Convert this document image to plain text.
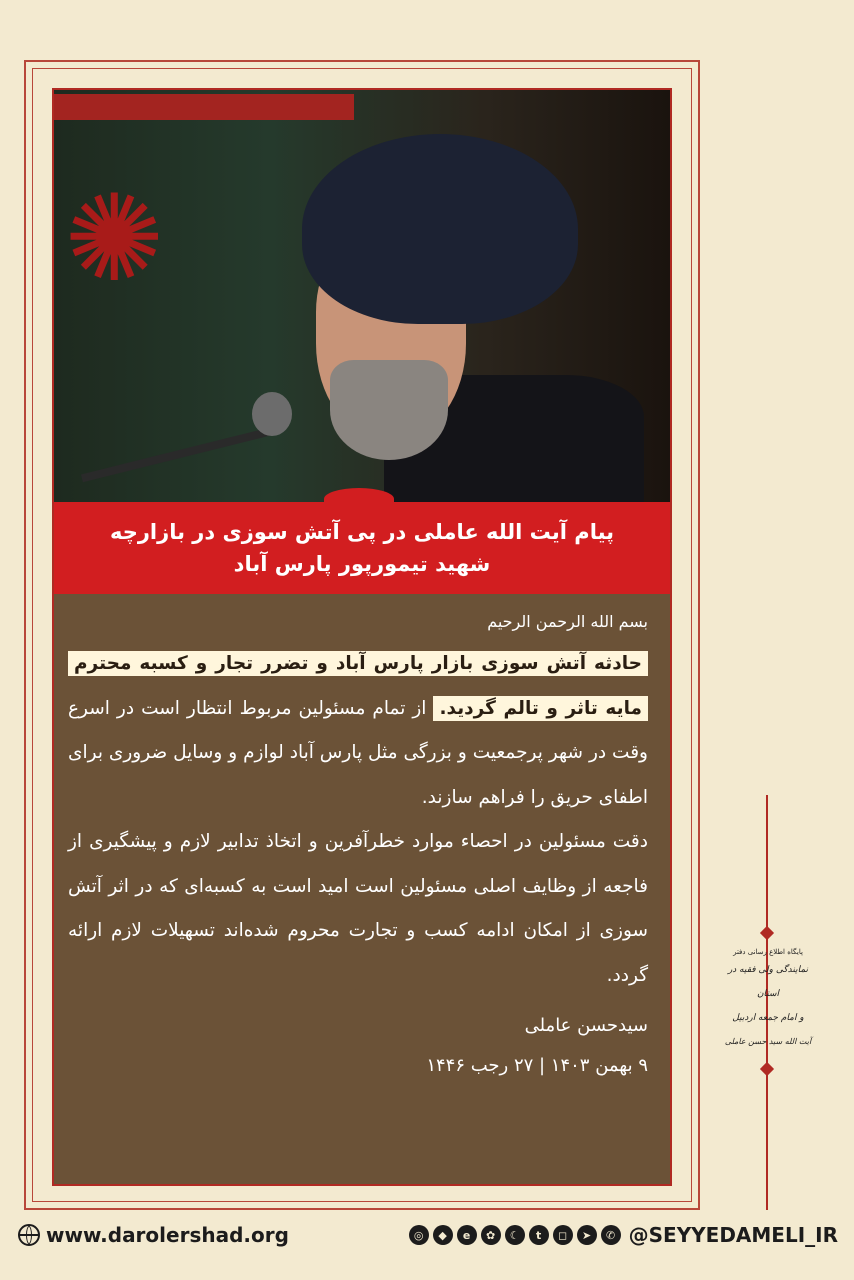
✺
پیام آیت الله عاملی در پی آتش سوزی در بازارچه
شهید تیمورپور پارس آباد
بسم الله الرحمن الرحیم

حادثه آتش سوزی بازار پارس آباد و تضرر تجار و کسبه محترم مایه تاثر و تالم گردید. از تمام مسئولین مربوط انتظار است در اسرع وقت در شهر پرجمعیت و بزرگی مثل پارس آباد لوازم و وسایل ضروری برای اطفای حریق را فراهم سازند.

دقت مسئولین در احصاء موارد خطرآفرین و اتخاذ تدابیر لازم و پیشگیری از فاجعه از وظایف اصلی مسئولین است امید است به کسبه‌ای که در اثر آتش سوزی از امکان ادامه کسب و تجارت محروم شده‌اند تسهیلات لازم ارائه گردد.

سیدحسن عاملی
۹ بهمن ۱۴۰۳ | ۲۷ رجب ۱۴۴۶
پایگاه اطلاع رسانی دفتر
نمایندگی ولی فقیه در استان
و امام جمعه اردبیل
آیت الله سید حسن عاملی
www.darolershad.org	◎	◆	e	✿	☾	t	◻	➤	✆ @SEYYEDAMELI_IR
